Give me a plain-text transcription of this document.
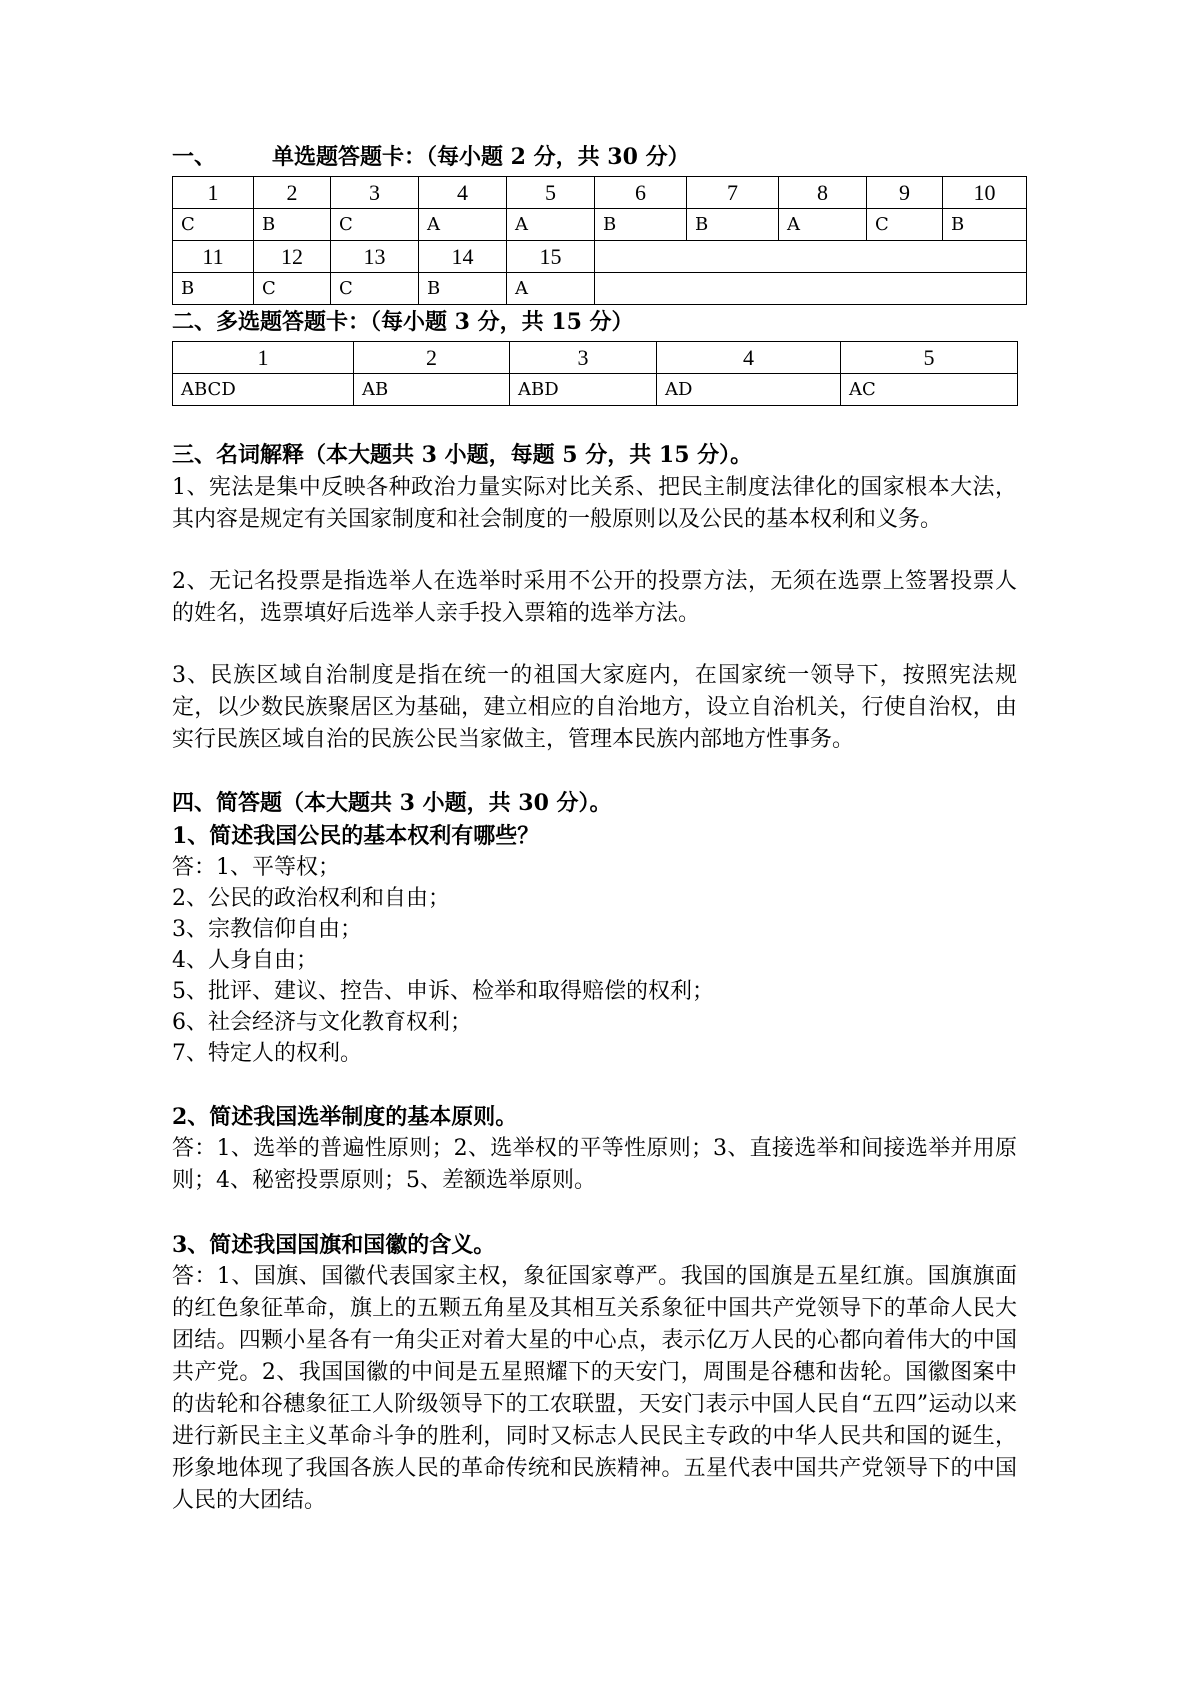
一、	单选题答题卡：（每小题 2 分，共 30 分）
1	2	3	4	5	6	7	8	9	10
C	B	C	A	A	B	B	A	C	B
11	12	13	14	15					
B	C	C	B	A					
二、多选题答题卡：（每小题 3 分，共 15 分）
1	2	3	4	5
ABCD	AB	ABD	AD	AC
三、名词解释（本大题共 3 小题，每题 5 分，共 15 分）。

1、宪法是集中反映各种政治力量实际对比关系、把民主制度法律化的国家根本大法，其内容是规定有关国家制度和社会制度的一般原则以及公民的基本权利和义务。

2、无记名投票是指选举人在选举时采用不公开的投票方法，无须在选票上签署投票人的姓名，选票填好后选举人亲手投入票箱的选举方法。

3、民族区域自治制度是指在统一的祖国大家庭内，在国家统一领导下，按照宪法规定，以少数民族聚居区为基础，建立相应的自治地方，设立自治机关，行使自治权，由实行民族区域自治的民族公民当家做主，管理本民族内部地方性事务。

四、简答题（本大题共 3 小题，共 30 分）。
1、简述我国公民的基本权利有哪些？
答：1、平等权；
2、公民的政治权利和自由；
3、宗教信仰自由；
4、人身自由；
5、批评、建议、控告、申诉、检举和取得赔偿的权利；
6、社会经济与文化教育权利；
7、特定人的权利。
2、简述我国选举制度的基本原则。

答：1、选举的普遍性原则；2、选举权的平等性原则；3、直接选举和间接选举并用原则；4、秘密投票原则；5、差额选举原则。

3、简述我国国旗和国徽的含义。

答：1、国旗、国徽代表国家主权，象征国家尊严。我国的国旗是五星红旗。国旗旗面的红色象征革命，旗上的五颗五角星及其相互关系象征中国共产党领导下的革命人民大团结。四颗小星各有一角尖正对着大星的中心点，表示亿万人民的心都向着伟大的中国共产党。2、我国国徽的中间是五星照耀下的天安门，周围是谷穗和齿轮。国徽图案中的齿轮和谷穗象征工人阶级领导下的工农联盟，天安门表示中国人民自“五四”运动以来进行新民主主义革命斗争的胜利，同时又标志人民民主专政的中华人民共和国的诞生，形象地体现了我国各族人民的革命传统和民族精神。五星代表中国共产党领导下的中国人民的大团结。
